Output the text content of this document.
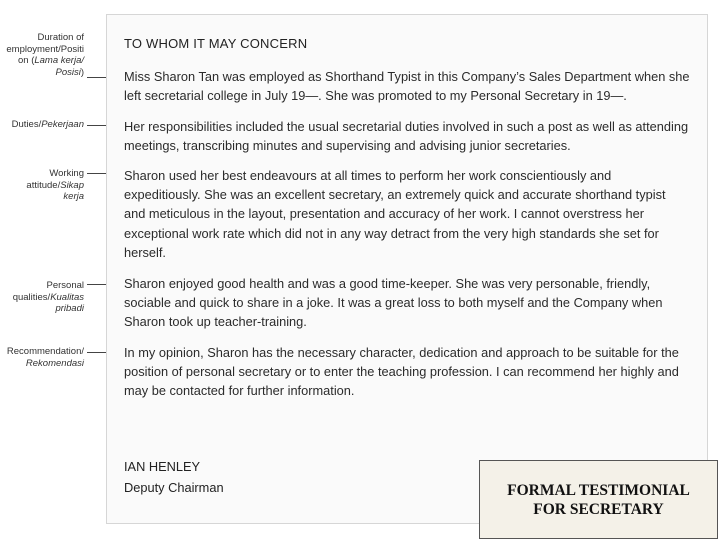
Duration of
employment/Positi
on (Lama kerja/
Posisi)
Duties/Pekerjaan
Working
attitude/Sikap
kerja
Personal
qualities/Kualitas
pribadi
Recommendation/
Rekomendasi
TO WHOM IT MAY CONCERN

Miss Sharon Tan was employed as Shorthand Typist in this Company’s Sales Department when she left secretarial college in July 19—. She was promoted to my Personal Secretary in 19—.

Her responsibilities included the usual secretarial duties involved in such a post as well as attending meetings, transcribing minutes and supervising and advising junior secretaries.

Sharon used her best endeavours at all times to perform her work conscientiously and expeditiously. She was an excellent secretary, an extremely quick and accurate shorthand typist and meticulous in the layout, presentation and accuracy of her work. I cannot overstress her exceptional work rate which did not in any way detract from the very high standards she set for herself.

Sharon enjoyed good health and was a good time-keeper. She was very personable, friendly, sociable and quick to share in a joke. It was a great loss to both myself and the Company when Sharon took up teacher-training.

In my opinion, Sharon has the necessary character, dedication and approach to be suitable for the position of personal secretary or to enter the teaching profession. I can recommend her highly and may be contacted for further information.

IAN HENLEY
Deputy Chairman	FORMAL TESTIMONIAL
FOR SECRETARY
